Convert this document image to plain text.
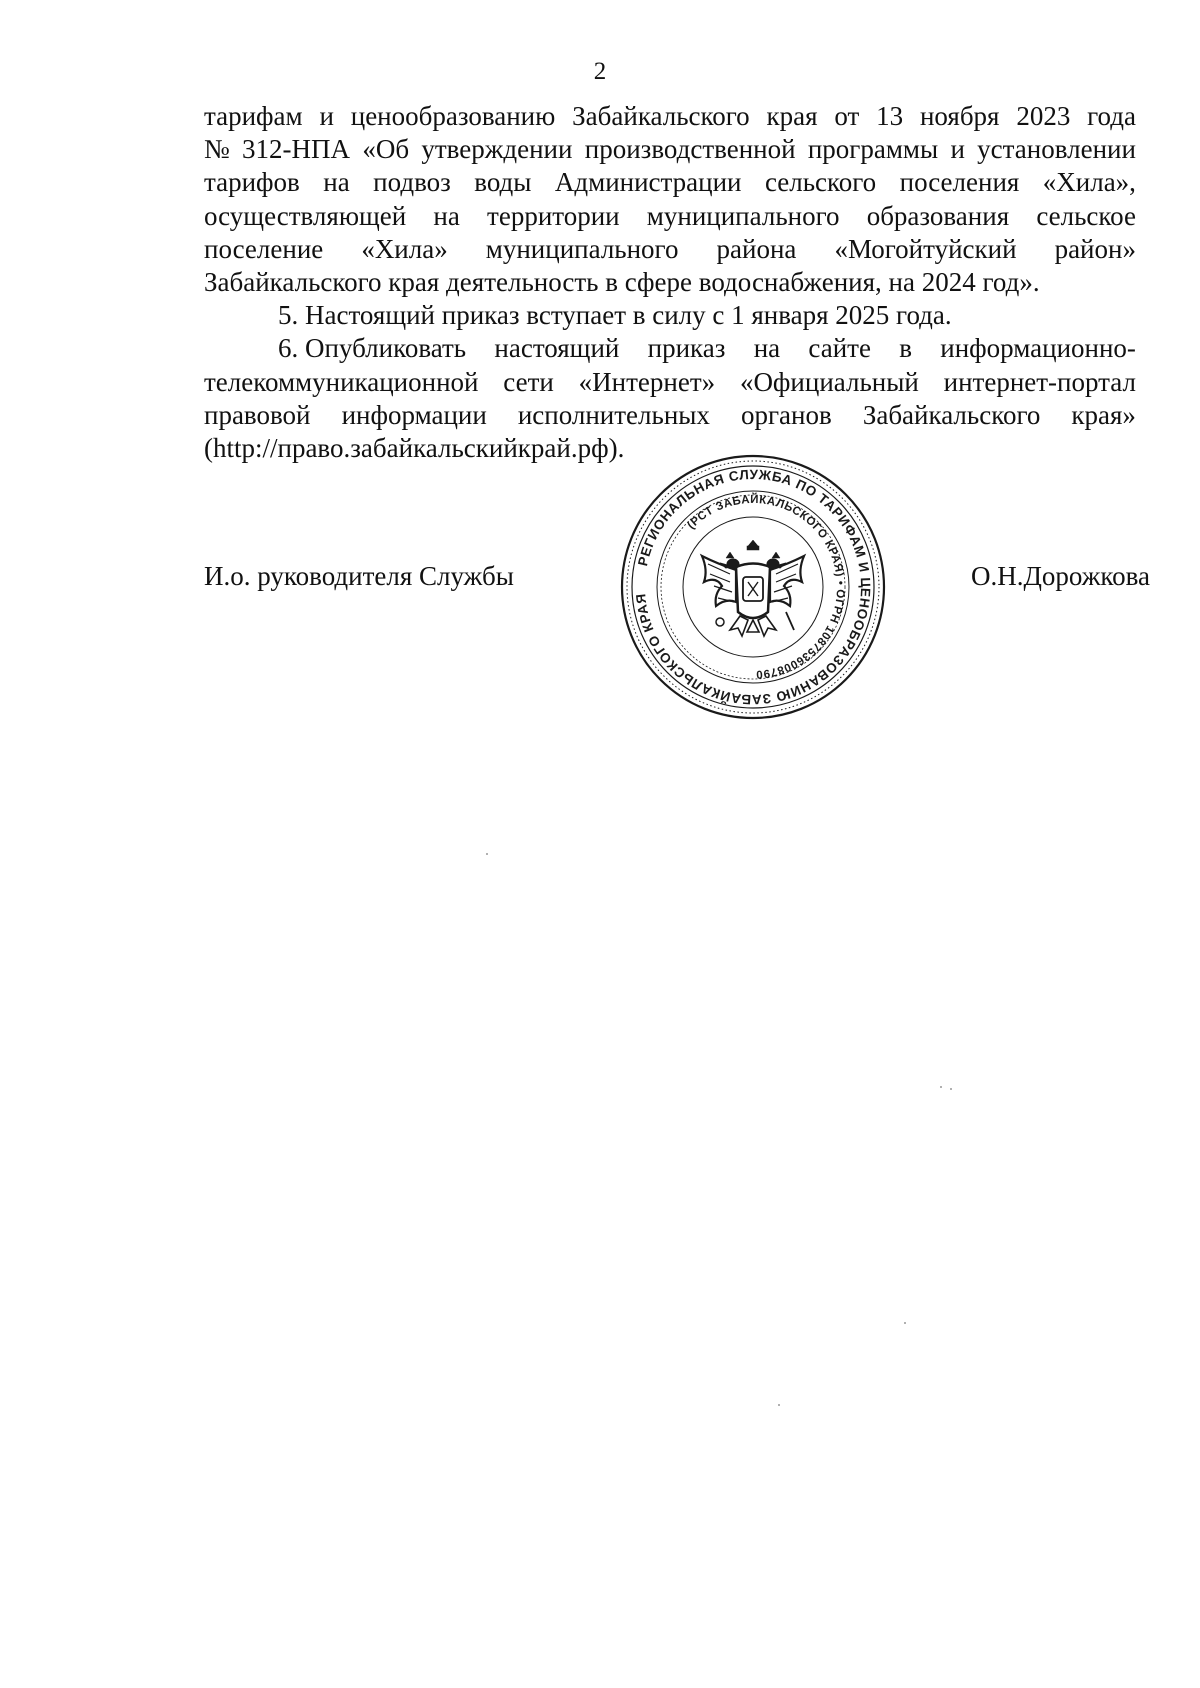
2
тарифам и ценообразованию Забайкальского края от 13 ноября 2023 года
№ 312-НПА «Об утверждении производственной программы и установлении
тарифов на подвоз воды Администрации сельского поселения «Хила»,
осуществляющей на территории муниципального образования сельское
поселение «Хила» муниципального района «Могойтуйский район»
Забайкальского края деятельность в сфере водоснабжения, на 2024 год».
5. Настоящий приказ вступает в силу с 1 января 2025 года.
6. Опубликовать настоящий приказ на сайте в информационно-
телекоммуникационной сети «Интернет» «Официальный интернет-портал
правовой информации исполнительных органов Забайкальского края»
(http://право.забайкальскийкрай.рф).
И.о. руководителя Службы	О.Н.Дорожкова
РЕГИОНАЛЬНАЯ СЛУЖБА ПО ТАРИФАМ И ЦЕНООБРАЗОВАНИЮ ЗАБАЙКАЛЬСКОГО КРАЯ
(РСТ ЗАБАЙКАЛЬСКОГО КРАЯ) • ОГРН 1087536008790
